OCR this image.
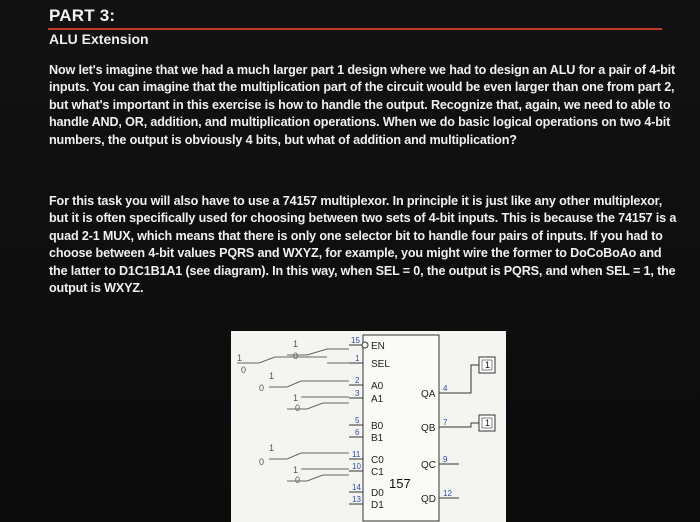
PART 3:
ALU Extension
Now let's imagine that we had a much larger part 1 design where we had to design an ALU for a pair of 4-bit inputs. You can imagine that the multiplication part of the circuit would be even larger than one from part 2, but what's important in this exercise is how to handle the output. Recognize that, again, we need to able to handle AND, OR, addition, and multiplication operations. When we do basic logical operations on two 4-bit numbers, the output is obviously 4 bits, but what of addition and multiplication?
For this task you will also have to use a 74157 multiplexor. In principle it is just like any other multiplexor, but it is often specifically used for choosing between two sets of 4-bit inputs. This is because the 74157 is a quad 2-1 MUX, which means that there is only one selector bit to handle four pairs of inputs. If you had to choose between 4-bit values PQRS and WXYZ, for example, you might wire the former to DoCoBoAo and the latter to D1C1B1A1 (see diagram). In this way, when SEL = 0, the output is PQRS, and when SEL = 1, the output is WXYZ.
1
1
1
0
1
0
1
0
1
0
1
0
1
0
15
1
2
3
5
6
11
10
14
13
EN
SEL
A0
A1
B0
B1
C0
C1
D0
D1
QA
QB
QC
QD
4
7
9
12
157
